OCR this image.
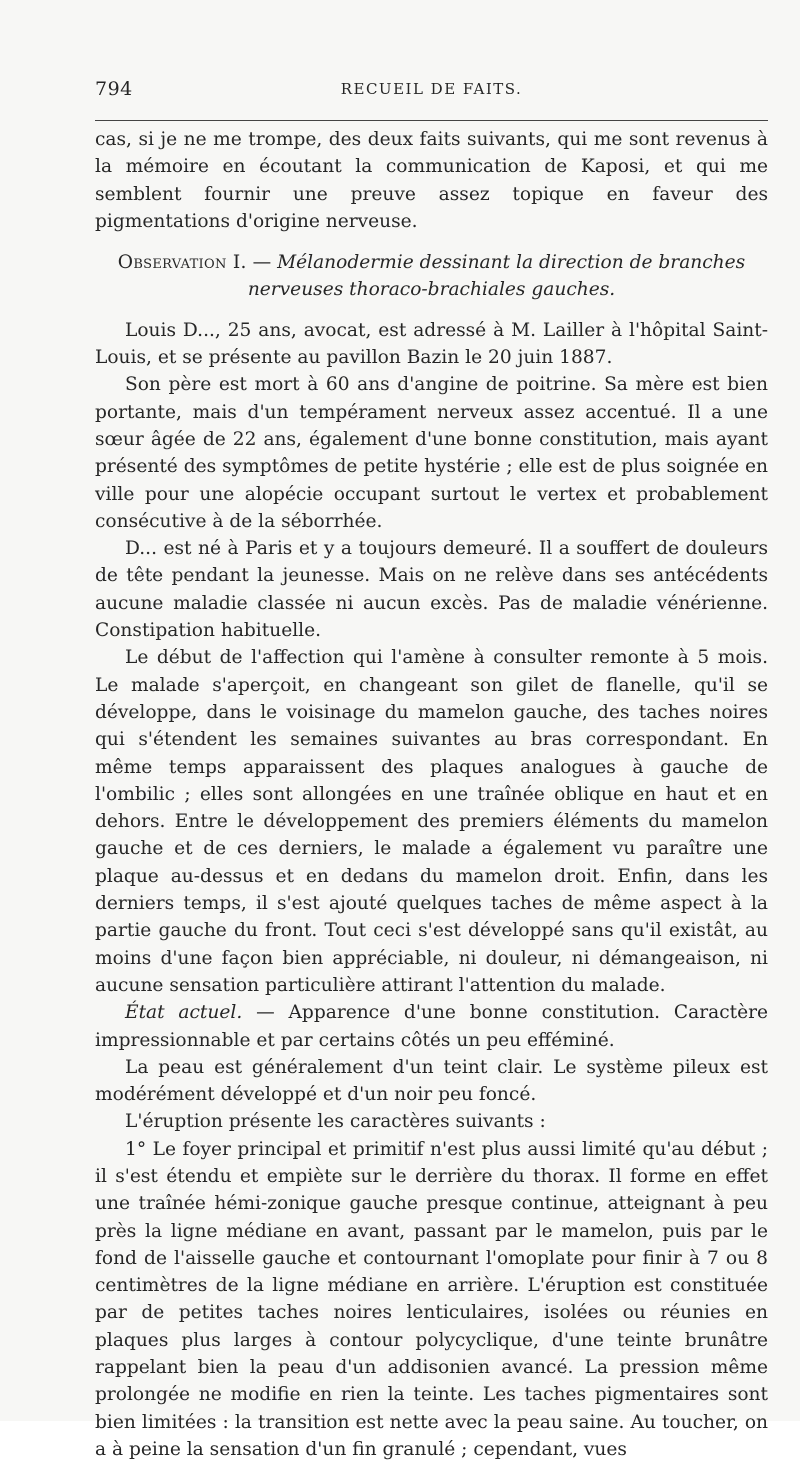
794	RECUEIL DE FAITS.

cas, si je ne me trompe, des deux faits suivants, qui me sont revenus à la mémoire en écoutant la communication de Kaposi, et qui me semblent fournir une preuve assez topique en faveur des pigmentations d'origine nerveuse.

Observation I. — Mélanodermie dessinant la direction de branches nerveuses thoraco-brachiales gauches.

Louis D..., 25 ans, avocat, est adressé à M. Lailler à l'hôpital Saint-Louis, et se présente au pavillon Bazin le 20 juin 1887.

Son père est mort à 60 ans d'angine de poitrine. Sa mère est bien portante, mais d'un tempérament nerveux assez accentué. Il a une sœur âgée de 22 ans, également d'une bonne constitution, mais ayant présenté des symptômes de petite hystérie ; elle est de plus soignée en ville pour une alopécie occupant surtout le vertex et probablement consécutive à de la séborrhée.

D... est né à Paris et y a toujours demeuré. Il a souffert de douleurs de tête pendant la jeunesse. Mais on ne relève dans ses antécédents aucune maladie classée ni aucun excès. Pas de maladie vénérienne. Constipation habituelle.

Le début de l'affection qui l'amène à consulter remonte à 5 mois. Le malade s'aperçoit, en changeant son gilet de flanelle, qu'il se développe, dans le voisinage du mamelon gauche, des taches noires qui s'étendent les semaines suivantes au bras correspondant. En même temps apparaissent des plaques analogues à gauche de l'ombilic ; elles sont allongées en une traînée oblique en haut et en dehors. Entre le développement des premiers éléments du mamelon gauche et de ces derniers, le malade a également vu paraître une plaque au-dessus et en dedans du mamelon droit. Enfin, dans les derniers temps, il s'est ajouté quelques taches de même aspect à la partie gauche du front. Tout ceci s'est développé sans qu'il existât, au moins d'une façon bien appréciable, ni douleur, ni démangeaison, ni aucune sensation particulière attirant l'attention du malade.

État actuel. — Apparence d'une bonne constitution. Caractère impressionnable et par certains côtés un peu efféminé.

La peau est généralement d'un teint clair. Le système pileux est modérément développé et d'un noir peu foncé.

L'éruption présente les caractères suivants :

1° Le foyer principal et primitif n'est plus aussi limité qu'au début ; il s'est étendu et empiète sur le derrière du thorax. Il forme en effet une traînée hémi-zonique gauche presque continue, atteignant à peu près la ligne médiane en avant, passant par le mamelon, puis par le fond de l'aisselle gauche et contournant l'omoplate pour finir à 7 ou 8 centimètres de la ligne médiane en arrière. L'éruption est constituée par de petites taches noires lenticulaires, isolées ou réunies en plaques plus larges à contour polycyclique, d'une teinte brunâtre rappelant bien la peau d'un addisonien avancé. La pression même prolongée ne modifie en rien la teinte. Les taches pigmentaires sont bien limitées : la transition est nette avec la peau saine. Au toucher, on a à peine la sensation d'un fin granulé ; cependant, vues
